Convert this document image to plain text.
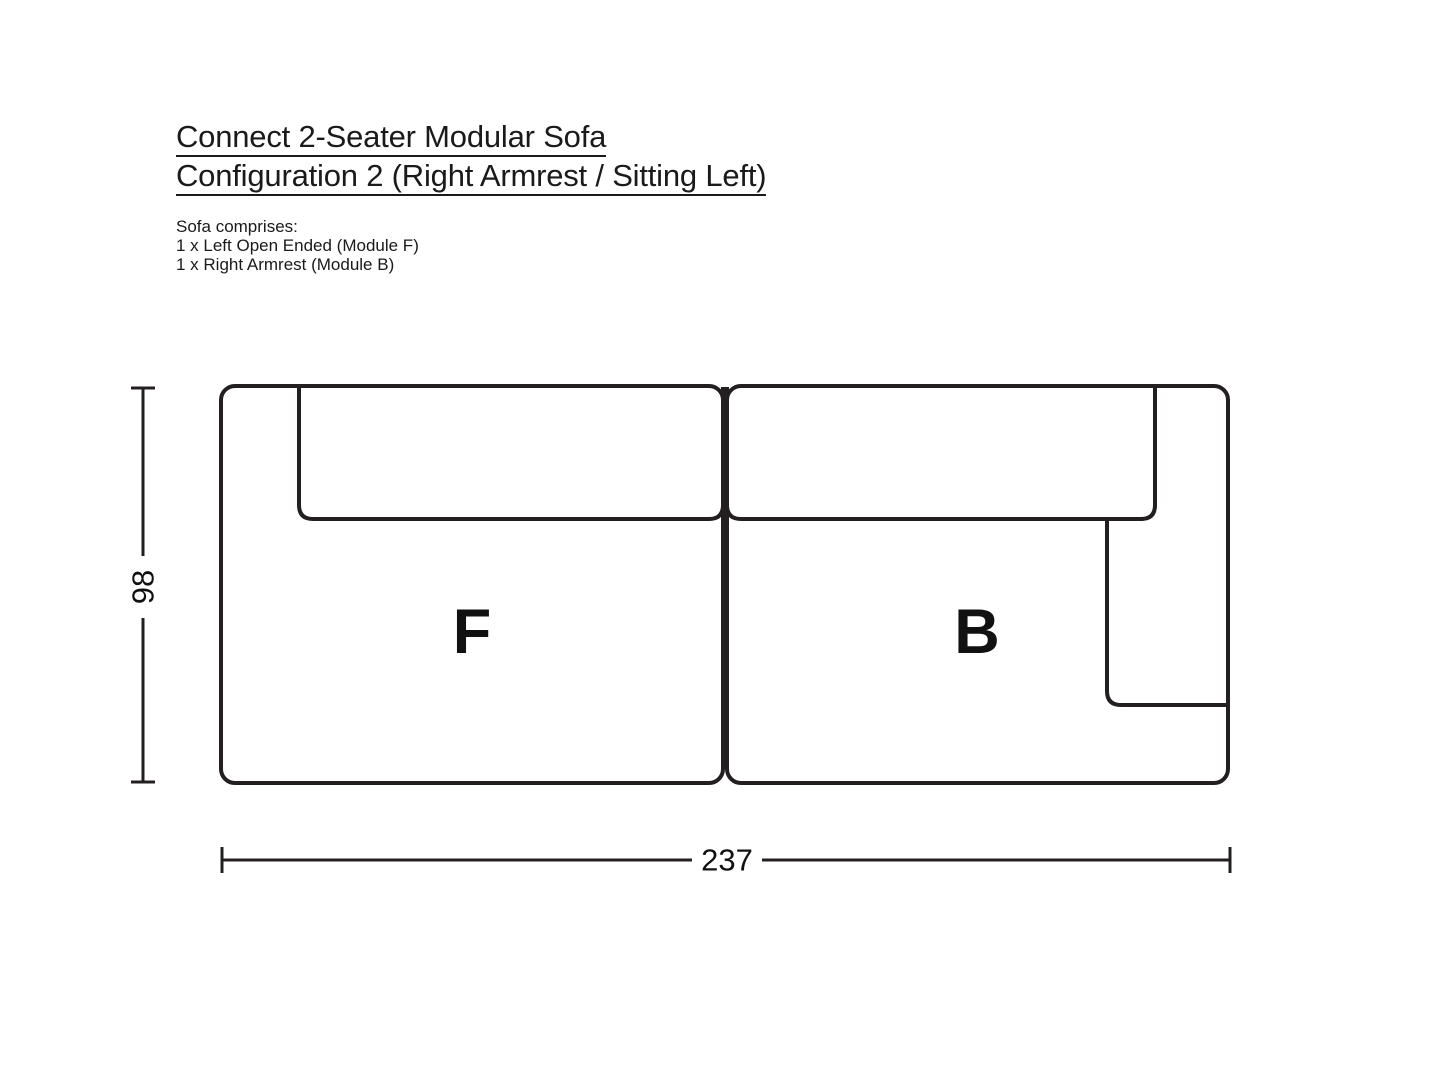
Connect 2-Seater Modular Sofa
Configuration 2 (Right Armrest / Sitting Left)
Sofa comprises:
1 x Left Open Ended (Module F)
1 x Right Armrest (Module B)
F	B
98
237
